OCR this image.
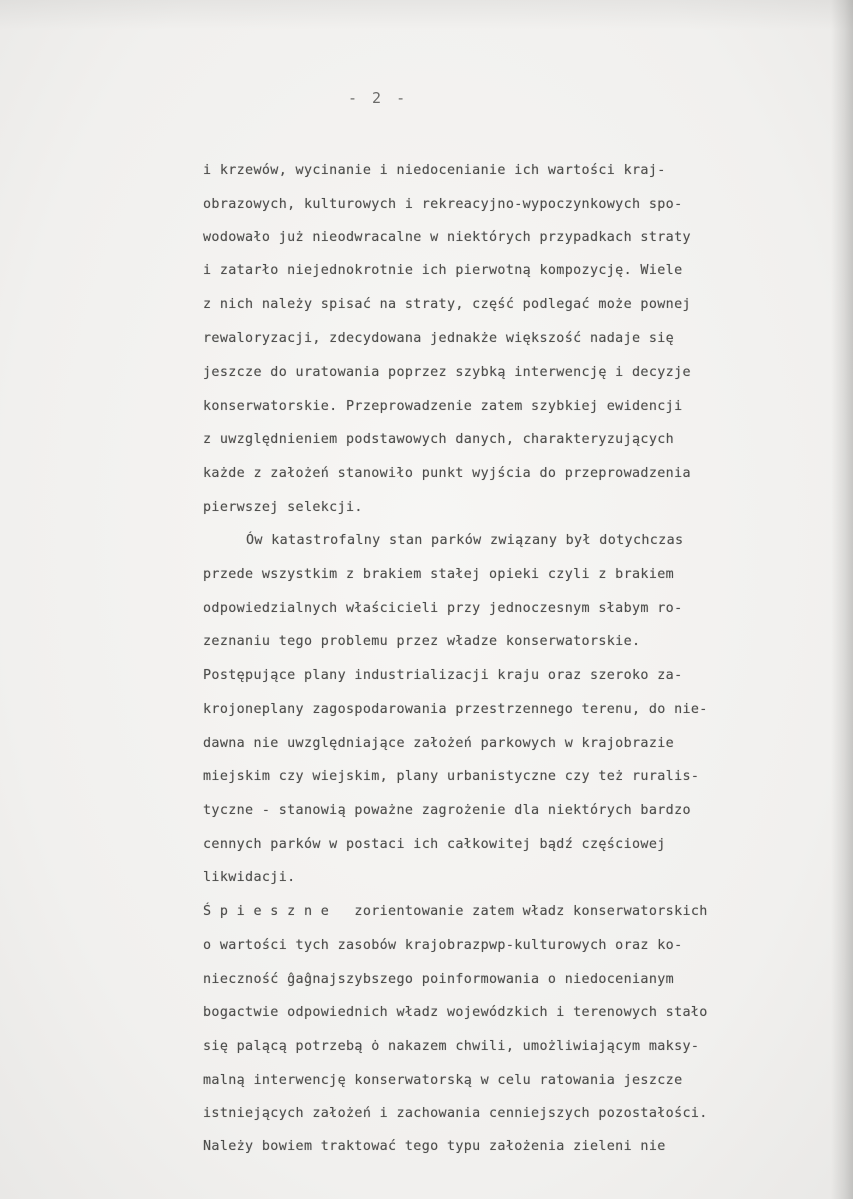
- 2 -
i krzewów, wycinanie i niedocenianie ich wartości kraj-
obrazowych, kulturowych i rekreacyjno-wypoczynkowych spo-
wodowało już nieodwracalne w niektórych przypadkach straty
i zatarło niejednokrotnie ich pierwotną kompozycję. Wiele
z nich należy spisać na straty, część podlegać może pownej
rewaloryzacji, zdecydowana jednakże większość nadaje się
jeszcze do uratowania poprzez szybką interwencję i decyzje
konserwatorskie. Przeprowadzenie zatem szybkiej ewidencji
z uwzględnieniem podstawowych danych, charakteryzujących
każde z założeń stanowiło punkt wyjścia do przeprowadzenia
pierwszej selekcji.
Ów katastrofalny stan parków związany był dotychczas
przede wszystkim z brakiem stałej opieki czyli z brakiem
odpowiedzialnych właścicieli przy jednoczesnym słabym ro-
zeznaniu tego problemu przez władze konserwatorskie.
Postępujące plany industrializacji kraju oraz szeroko za-
krojoneplany zagospodarowania przestrzennego terenu, do nie-
dawna nie uwzględniające założeń parkowych w krajobrazie
miejskim czy wiejskim, plany urbanistyczne czy też ruralis-
tyczne - stanowią poważne zagrożenie dla niektórych bardzo
cennych parków w postaci ich całkowitej bądź częściowej
likwidacji.
Ś p i e s z n e   zorientowanie zatem władz konserwatorskich
o wartości tych zasobów krajobrazpwp-kulturowych oraz ko-
nieczność ĝaĝnajszybszego poinformowania o niedocenianym
bogactwie odpowiednich władz wojewódzkich i terenowych stało
się palącą potrzebą ȯ nakazem chwili, umożliwiającym maksy-
malną interwencję konserwatorską w celu ratowania jeszcze
istniejących założeń i zachowania cenniejszych pozostałości.
Należy bowiem traktować tego typu założenia zieleni nie
